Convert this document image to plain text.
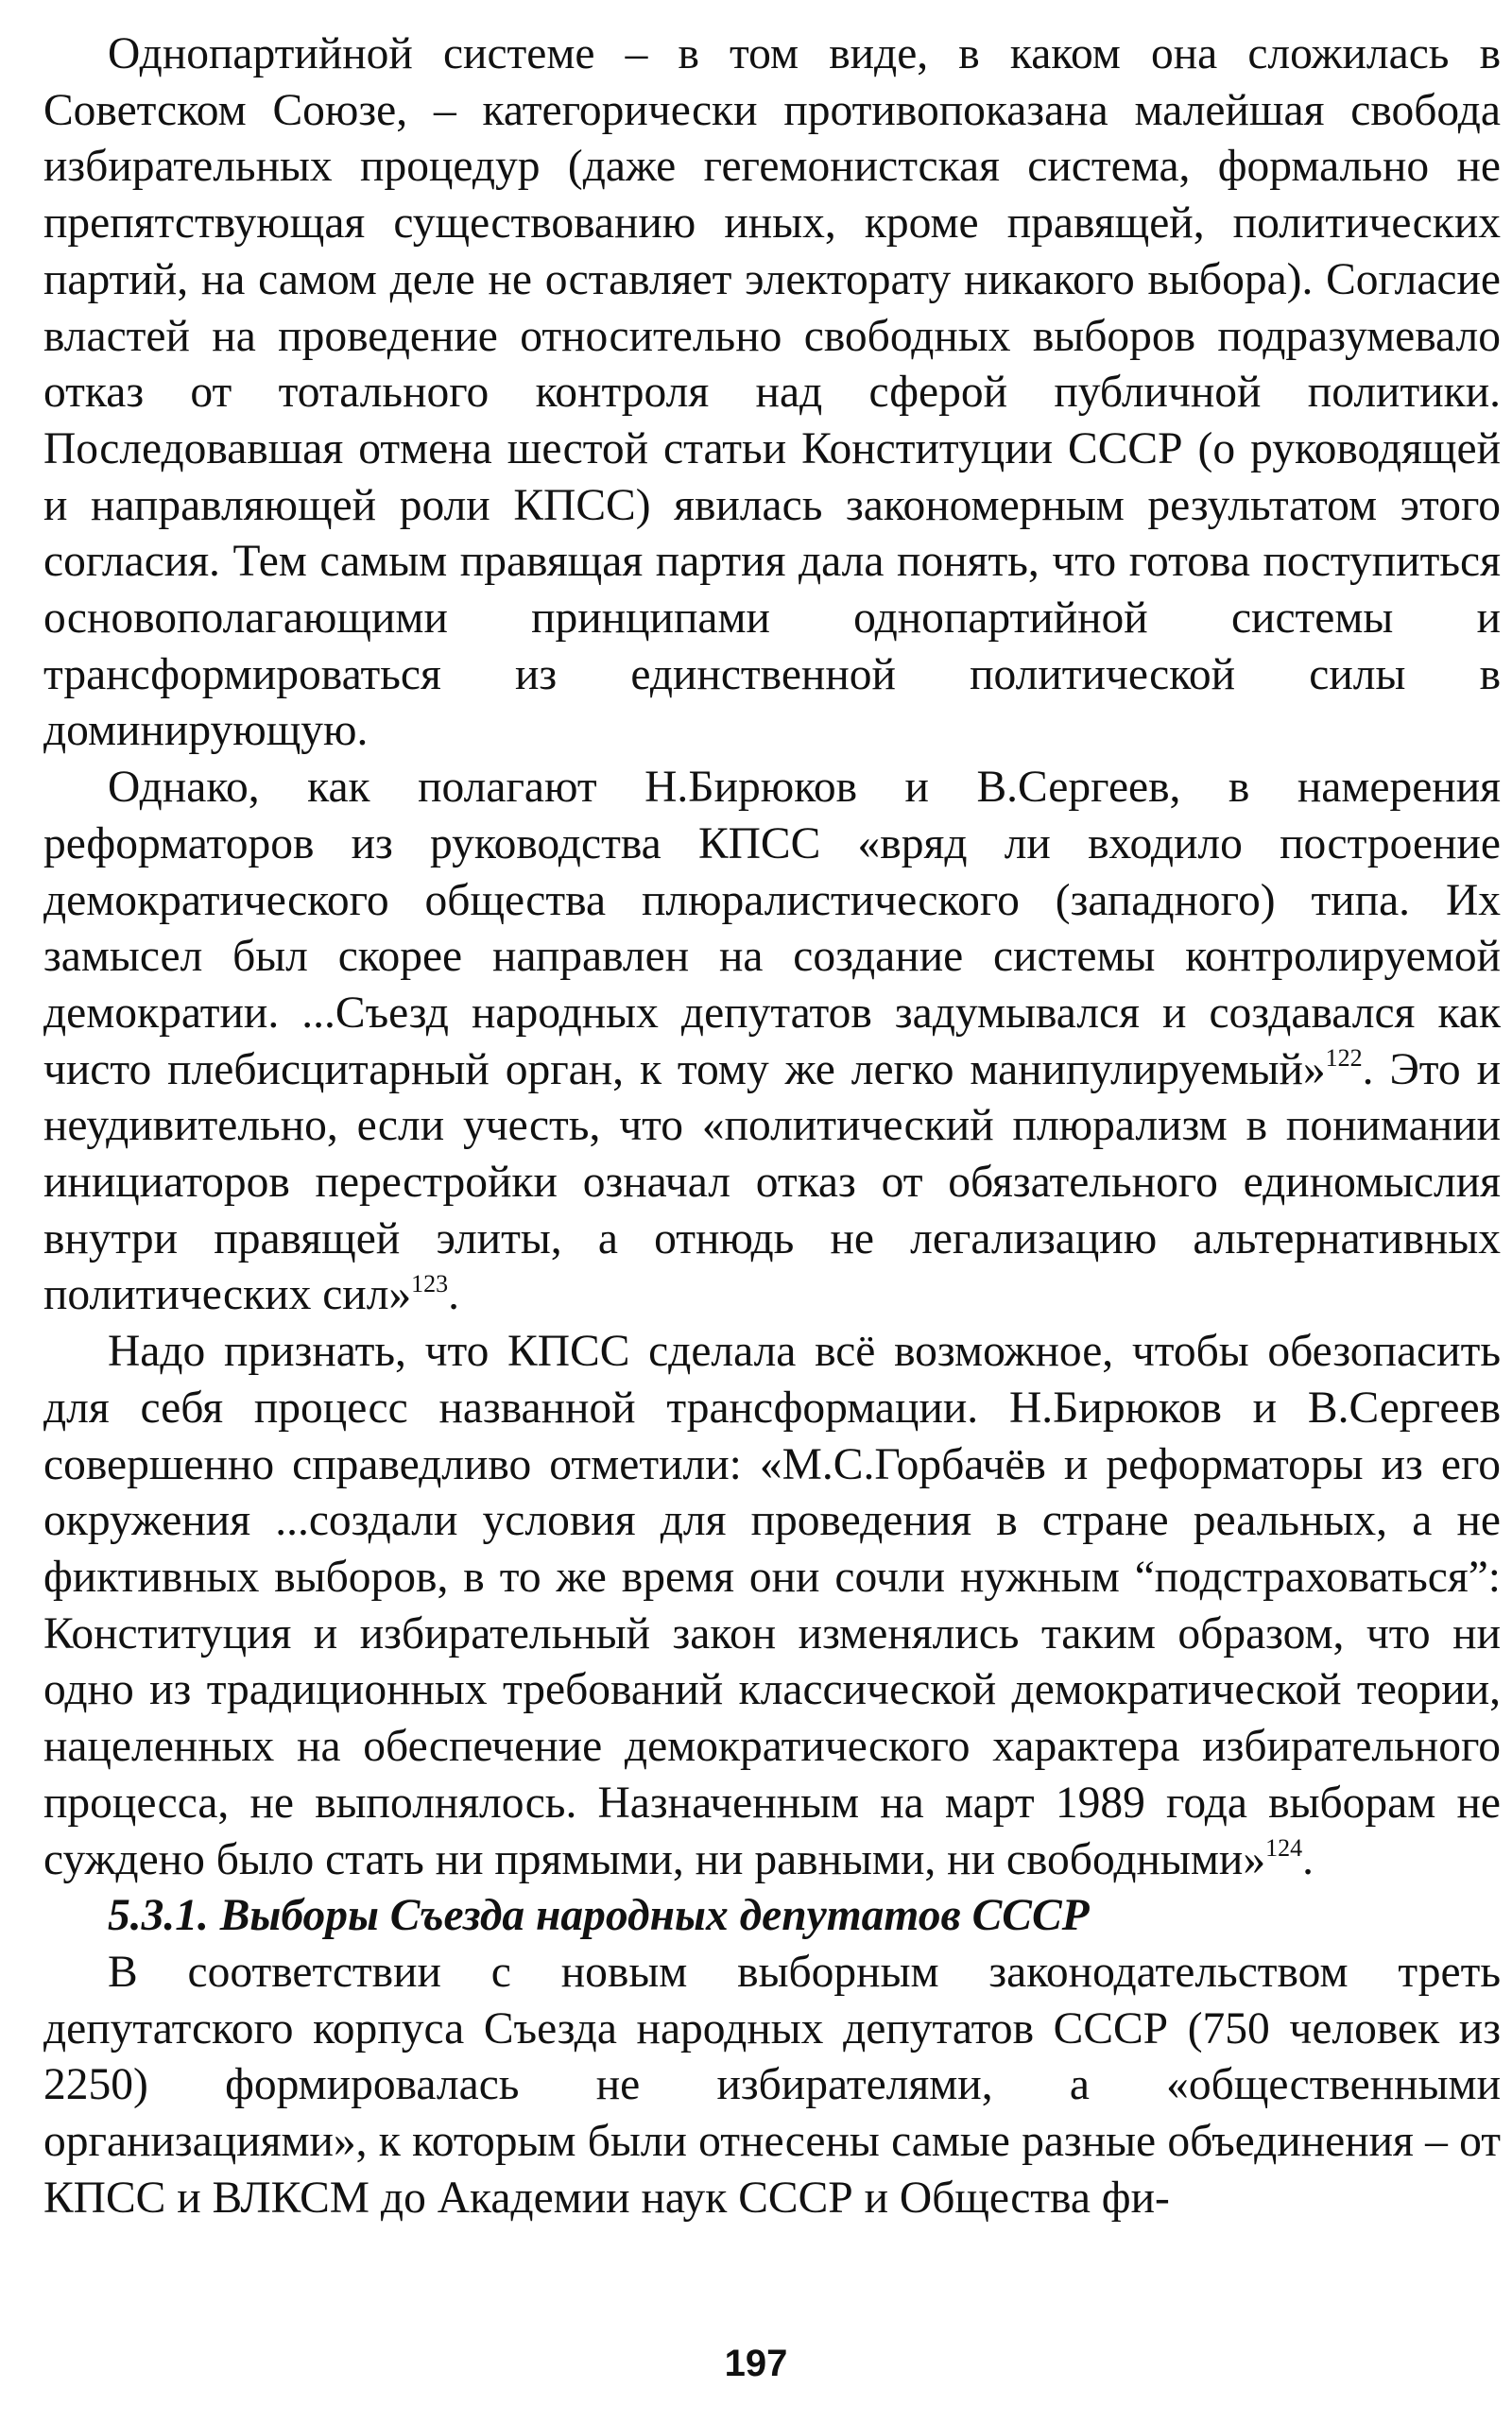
Однопартийной системе – в том виде, в каком она сложилась в Советском Союзе, – категорически противопоказана малейшая свобода избирательных процедур (даже гегемонистская система, формально не препятствующая существованию иных, кроме правящей, политических партий, на самом деле не оставляет электорату никакого выбора). Согласие властей на проведение относительно свободных выборов подразумевало отказ от тотального контроля над сферой публичной политики. Последовавшая отмена шестой статьи Конституции СССР (о руководящей и направляющей роли КПСС) явилась закономерным результатом этого согласия. Тем самым правящая партия дала понять, что готова поступиться основополагающими принципами однопартийной системы и трансформироваться из единственной политической силы в доминирующую.

Однако, как полагают Н.Бирюков и В.Сергеев, в намерения реформаторов из руководства КПСС «вряд ли входило построение демократического общества плюралистического (западного) типа. Их замысел был скорее направлен на создание системы контролируемой демократии. ...Съезд народных депутатов задумывался и создавался как чисто плебисцитарный орган, к тому же легко манипулируемый»$^{122}$. Это и неудивительно, если учесть, что «политический плюрализм в понимании инициаторов перестройки означал отказ от обязательного единомыслия внутри правящей элиты, а отнюдь не легализацию альтернативных политических сил»$^{123}$.

Надо признать, что КПСС сделала всё возможное, чтобы обезопасить для себя процесс названной трансформации. Н.Бирюков и В.Сергеев совершенно справедливо отметили: «М.С.Горбачёв и реформаторы из его окружения ...создали условия для проведения в стране реальных, а не фиктивных выборов, в то же время они сочли нужным “подстраховаться”: Конституция и избирательный закон изменялись таким образом, что ни одно из традиционных требований классической демократической теории, нацеленных на обеспечение демократического характера избирательного процесса, не выполнялось. Назначенным на март 1989 года выборам не суждено было стать ни прямыми, ни равными, ни свободными»$^{124}$.

5.3.1. Выборы Съезда народных депутатов СССР

В соответствии с новым выборным законодательством треть депутатского корпуса Съезда народных депутатов СССР (750 человек из 2250) формировалась не избирателями, а «общественными организациями», к которым были отнесены самые разные объединения – от КПСС и ВЛКСМ до Академии наук СССР и Общества фи-

197
